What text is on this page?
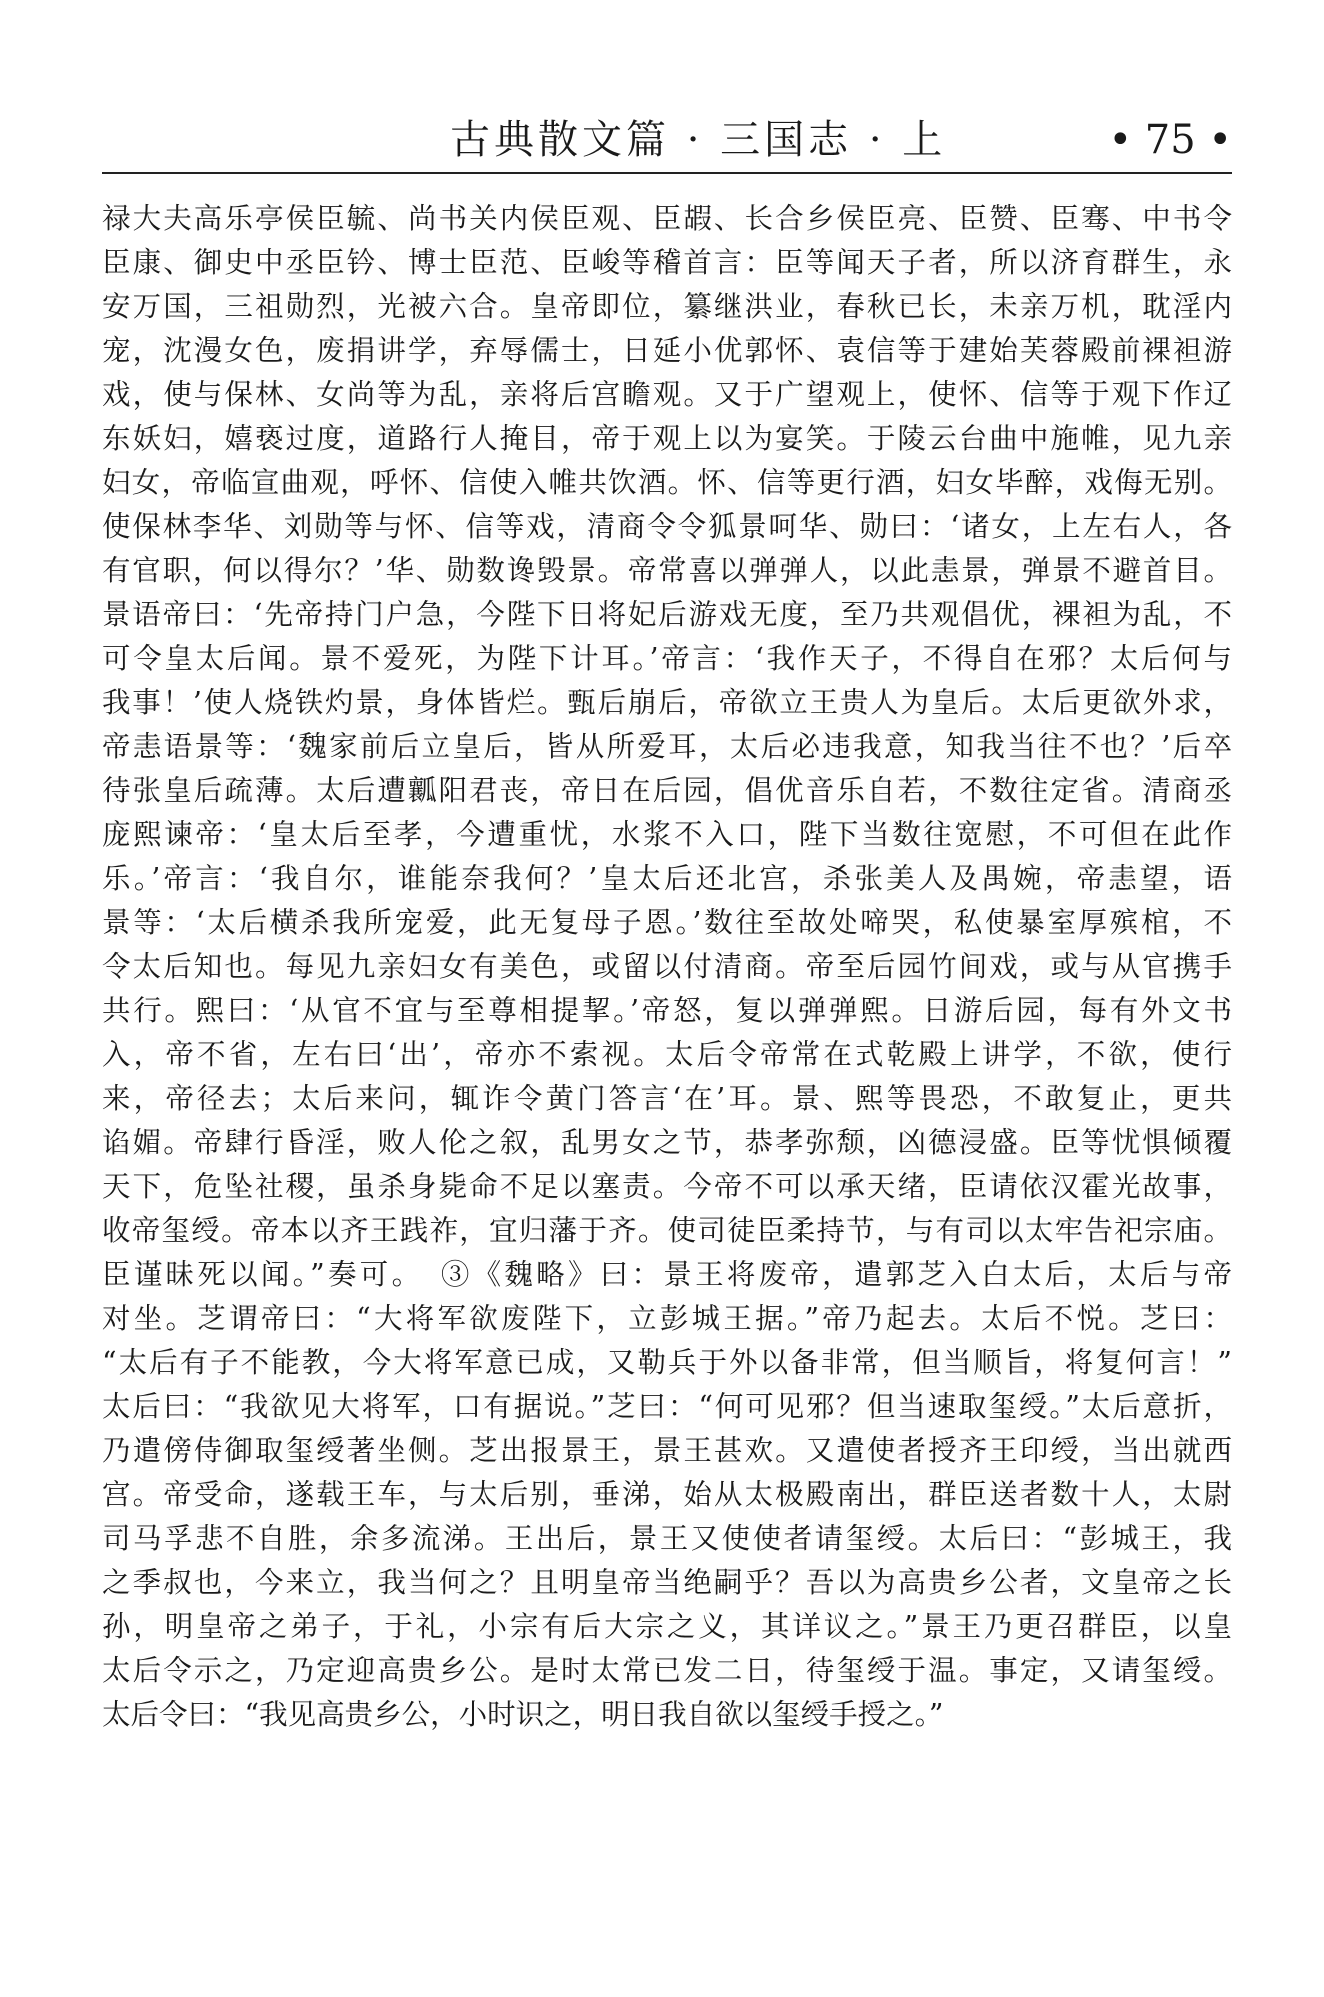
古典散文篇 · 三国志 · 上	• 75 •
禄大夫高乐亭侯臣毓、尚书关内侯臣观、臣嘏、长合乡侯臣亮、臣赞、臣骞、中书令
臣康、御史中丞臣钤、博士臣范、臣峻等稽首言：臣等闻天子者，所以济育群生，永
安万国，三祖勋烈，光被六合。皇帝即位，纂继洪业，春秋已长，未亲万机，耽淫内
宠，沈漫女色，废捐讲学，弃辱儒士，日延小优郭怀、袁信等于建始芙蓉殿前裸袒游
戏，使与保林、女尚等为乱，亲将后宫瞻观。又于广望观上，使怀、信等于观下作辽
东妖妇，嬉亵过度，道路行人掩目，帝于观上以为宴笑。于陵云台曲中施帷，见九亲
妇女，帝临宣曲观，呼怀、信使入帷共饮酒。怀、信等更行酒，妇女毕醉，戏侮无别。
使保林李华、刘勋等与怀、信等戏，清商令令狐景呵华、勋曰：‘诸女，上左右人，各
有官职，何以得尔？’华、勋数谗毁景。帝常喜以弹弹人，以此恚景，弹景不避首目。
景语帝曰：‘先帝持门户急，今陛下日将妃后游戏无度，至乃共观倡优，裸袒为乱，不
可令皇太后闻。景不爱死，为陛下计耳。’帝言：‘我作天子，不得自在邪？太后何与
我事！’使人烧铁灼景，身体皆烂。甄后崩后，帝欲立王贵人为皇后。太后更欲外求，
帝恚语景等：‘魏家前后立皇后，皆从所爱耳，太后必违我意，知我当往不也？’后卒
待张皇后疏薄。太后遭瓤阳君丧，帝日在后园，倡优音乐自若，不数往定省。清商丞
庞熙谏帝：‘皇太后至孝，今遭重忧，水浆不入口，陛下当数往宽慰，不可但在此作
乐。’帝言：‘我自尔，谁能奈我何？’皇太后还北宫，杀张美人及禺婉，帝恚望，语
景等：‘太后横杀我所宠爱，此无复母子恩。’数往至故处啼哭，私使暴室厚殡棺，不
令太后知也。每见九亲妇女有美色，或留以付清商。帝至后园竹间戏，或与从官携手
共行。熙曰：‘从官不宜与至尊相提挈。’帝怒，复以弹弹熙。日游后园，每有外文书
入，帝不省，左右曰‘出’，帝亦不索视。太后令帝常在式乾殿上讲学，不欲，使行
来，帝径去；太后来问，辄诈令黄门答言‘在’耳。景、熙等畏恐，不敢复止，更共
谄媚。帝肆行昏淫，败人伦之叙，乱男女之节，恭孝弥颓，凶德浸盛。臣等忧惧倾覆
天下，危坠社稷，虽杀身毙命不足以塞责。今帝不可以承天绪，臣请依汉霍光故事，
收帝玺绶。帝本以齐王践祚，宜归藩于齐。使司徒臣柔持节，与有司以太牢告祀宗庙。
臣谨昧死以闻。”奏可。　③《魏略》曰：景王将废帝，遣郭芝入白太后，太后与帝
对坐。芝谓帝曰：“大将军欲废陛下，立彭城王据。”帝乃起去。太后不悦。芝曰：
“太后有子不能教，今大将军意已成，又勒兵于外以备非常，但当顺旨，将复何言！”
太后曰：“我欲见大将军，口有据说。”芝曰：“何可见邪？但当速取玺绶。”太后意折，
乃遣傍侍御取玺绶著坐侧。芝出报景王，景王甚欢。又遣使者授齐王印绶，当出就西
宫。帝受命，遂载王车，与太后别，垂涕，始从太极殿南出，群臣送者数十人，太尉
司马孚悲不自胜，余多流涕。王出后，景王又使使者请玺绶。太后曰：“彭城王，我
之季叔也，今来立，我当何之？且明皇帝当绝嗣乎？吾以为高贵乡公者，文皇帝之长
孙，明皇帝之弟子，于礼，小宗有后大宗之义，其详议之。”景王乃更召群臣，以皇
太后令示之，乃定迎高贵乡公。是时太常已发二日，待玺绶于温。事定，又请玺绶。
太后令曰：“我见高贵乡公，小时识之，明日我自欲以玺绶手授之。”
